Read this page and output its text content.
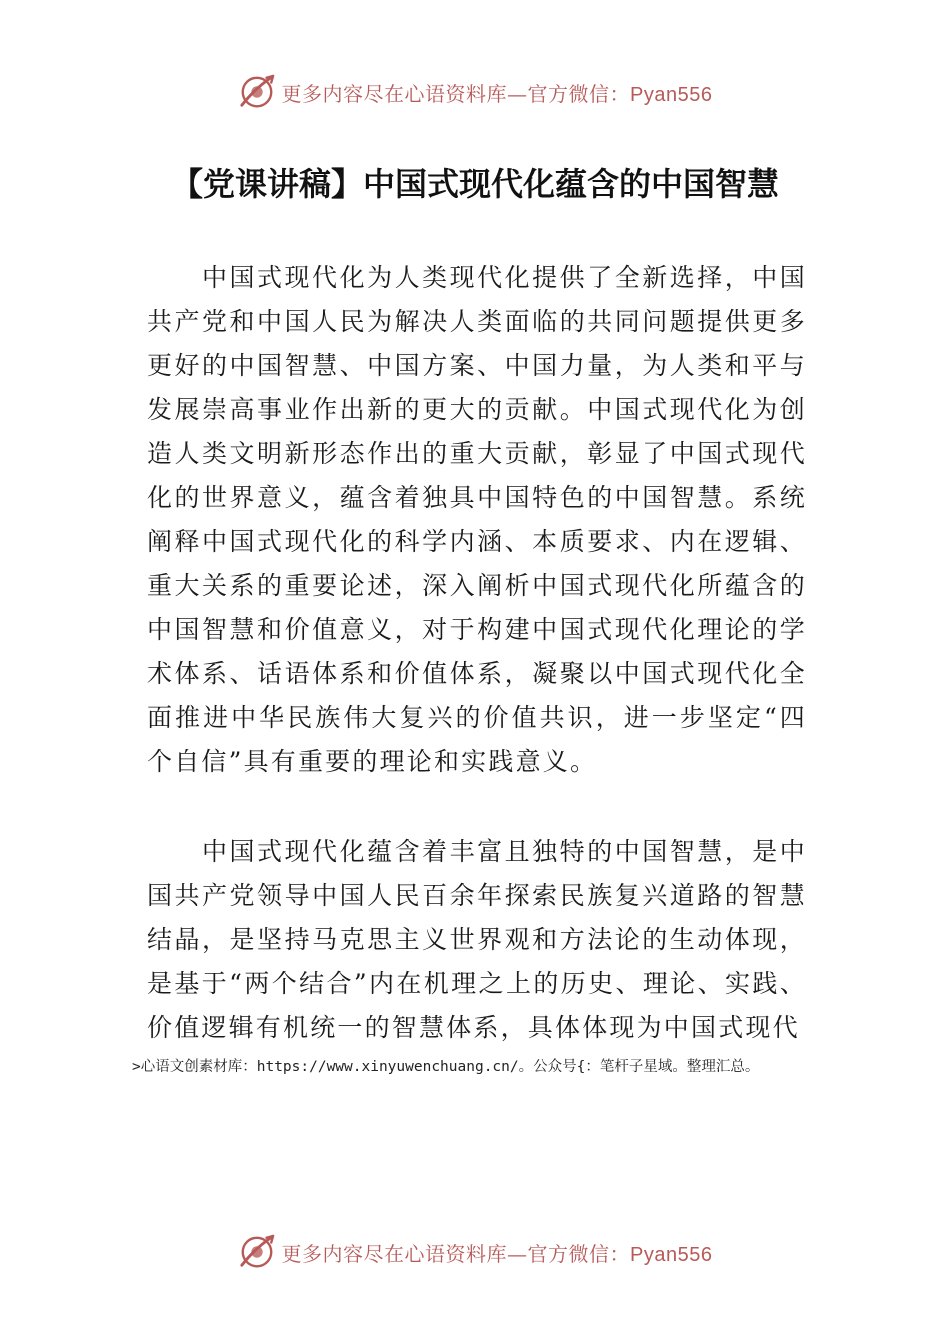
更多内容尽在心语资料库—官方微信：Pyan556
【党课讲稿】中国式现代化蕴含的中国智慧

中国式现代化为人类现代化提供了全新选择，中国共产党和中国人民为解决人类面临的共同问题提供更多更好的中国智慧、中国方案、中国力量，为人类和平与发展崇高事业作出新的更大的贡献。中国式现代化为创造人类文明新形态作出的重大贡献，彰显了中国式现代化的世界意义，蕴含着独具中国特色的中国智慧。系统阐释中国式现代化的科学内涵、本质要求、内在逻辑、重大关系的重要论述，深入阐析中国式现代化所蕴含的中国智慧和价值意义，对于构建中国式现代化理论的学术体系、话语体系和价值体系，凝聚以中国式现代化全面推进中华民族伟大复兴的价值共识，进一步坚定“四个自信”具有重要的理论和实践意义。

中国式现代化蕴含着丰富且独特的中国智慧，是中国共产党领导中国人民百余年探索民族复兴道路的智慧结晶，是坚持马克思主义世界观和方法论的生动体现，是基于“两个结合”内在机理之上的历史、理论、实践、价值逻辑有机统一的智慧体系，具体体现为中国式现代

>心语文创素材库：https://www.xinyuwenchuang.cn/。公众号{：笔杆子星域。整理汇总。
更多内容尽在心语资料库—官方微信：Pyan556
